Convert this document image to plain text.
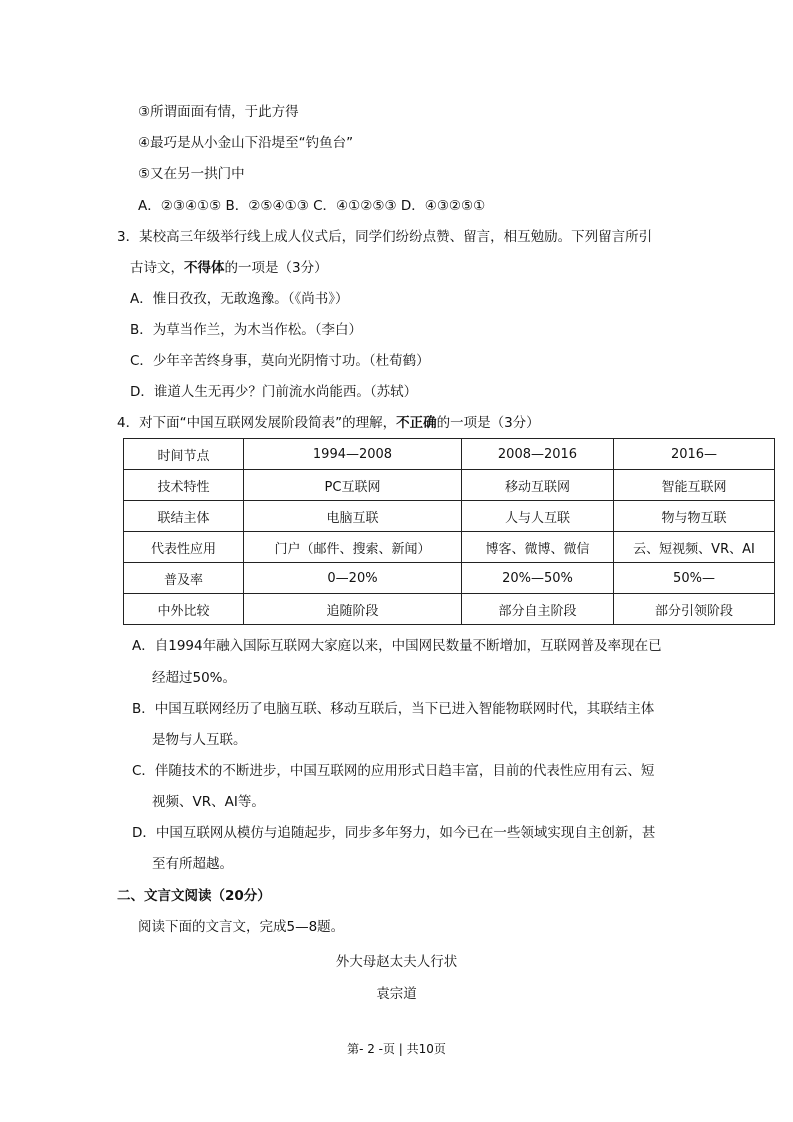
③所谓面面有情，于此方得
④最巧是从小金山下沿堤至“钓鱼台”
⑤又在另一拱门中
A．②③④①⑤ B．②⑤④①③ C．④①②⑤③ D．④③②⑤①
3．某校高三年级举行线上成人仪式后，同学们纷纷点赞、留言，相互勉励。下列留言所引
古诗文，不得体的一项是（3分）
A．惟日孜孜，无敢逸豫。（《尚书》）
B．为草当作兰，为木当作松。（李白）
C．少年辛苦终身事，莫向光阴惰寸功。（杜荀鹤）
D．谁道人生无再少？门前流水尚能西。（苏轼）
4．对下面“中国互联网发展阶段简表”的理解，不正确的一项是（3分）
时间节点	1994—2008	2008—2016	2016—
技术特性	PC互联网	移动互联网	智能互联网
联结主体	电脑互联	人与人互联	物与物互联
代表性应用	门户（邮件、搜索、新闻）	博客、微博、微信	云、短视频、VR、AI
普及率	0—20%	20%—50%	50%—
中外比较	追随阶段	部分自主阶段	部分引领阶段
A．自1994年融入国际互联网大家庭以来，中国网民数量不断增加，互联网普及率现在已
经超过50%。
B．中国互联网经历了电脑互联、移动互联后，当下已进入智能物联网时代，其联结主体
是物与人互联。
C．伴随技术的不断进步，中国互联网的应用形式日趋丰富，目前的代表性应用有云、短
视频、VR、AI等。
D．中国互联网从模仿与追随起步，同步多年努力，如今已在一些领域实现自主创新，甚
至有所超越。
二、文言文阅读（20分）
阅读下面的文言文，完成5—8题。
外大母赵太夫人行状
袁宗道
第- 2 -页 | 共10页
